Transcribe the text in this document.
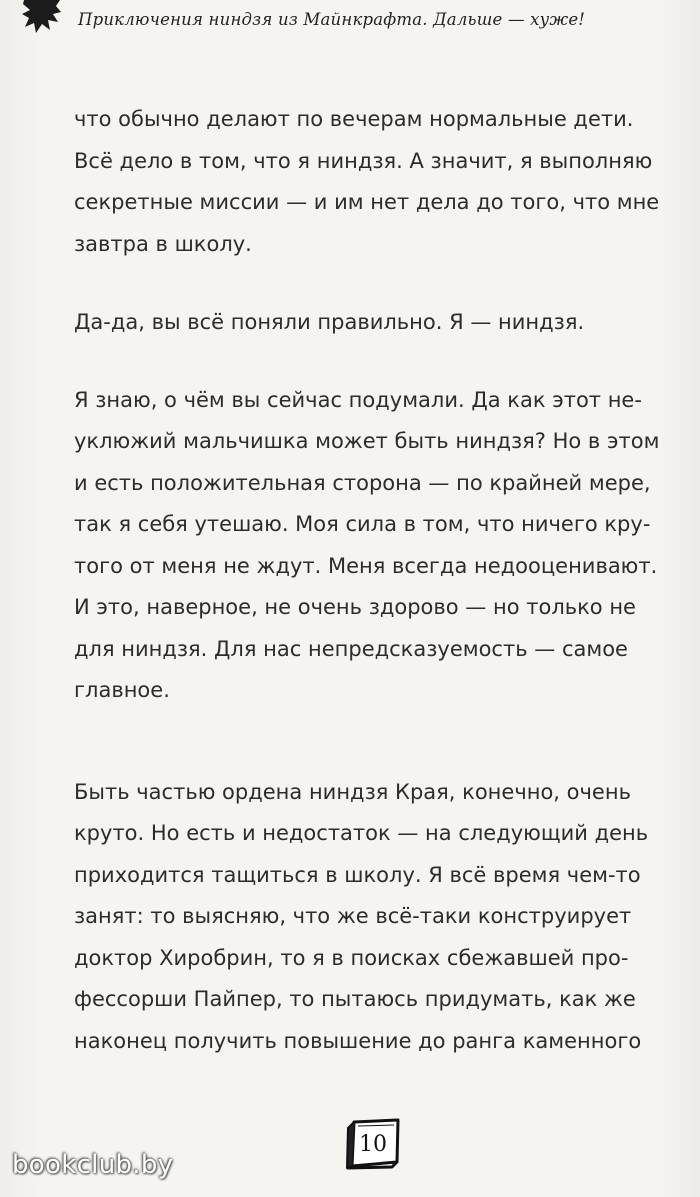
Приключения ниндзя из Майнкрафта. Дальше — хуже!

что обычно делают по вечерам нормальные дети.
Всё дело в том, что я ниндзя. А значит, я выполняю
секретные миссии — и им нет дела до того, что мне
завтра в школу.

Да-да, вы всё поняли правильно. Я — ниндзя.

Я знаю, о чём вы сейчас подумали. Да как этот не-
уклюжий мальчишка может быть ниндзя? Но в этом
и есть положительная сторона — по крайней мере,
так я себя утешаю. Моя сила в том, что ничего кру-
того от меня не ждут. Меня всегда недооценивают.
И это, наверное, не очень здорово — но только не
для ниндзя. Для нас непредсказуемость — самое
главное.

Быть частью ордена ниндзя Края, конечно, очень
круто. Но есть и недостаток — на следующий день
приходится тащиться в школу. Я всё время чем-то
занят: то выясняю, что же всё-таки конструирует
доктор Хиробрин, то я в поисках сбежавшей про-
фессорши Пайпер, то пытаюсь придумать, как же
наконец получить повышение до ранга каменного

10
bookclub.by
